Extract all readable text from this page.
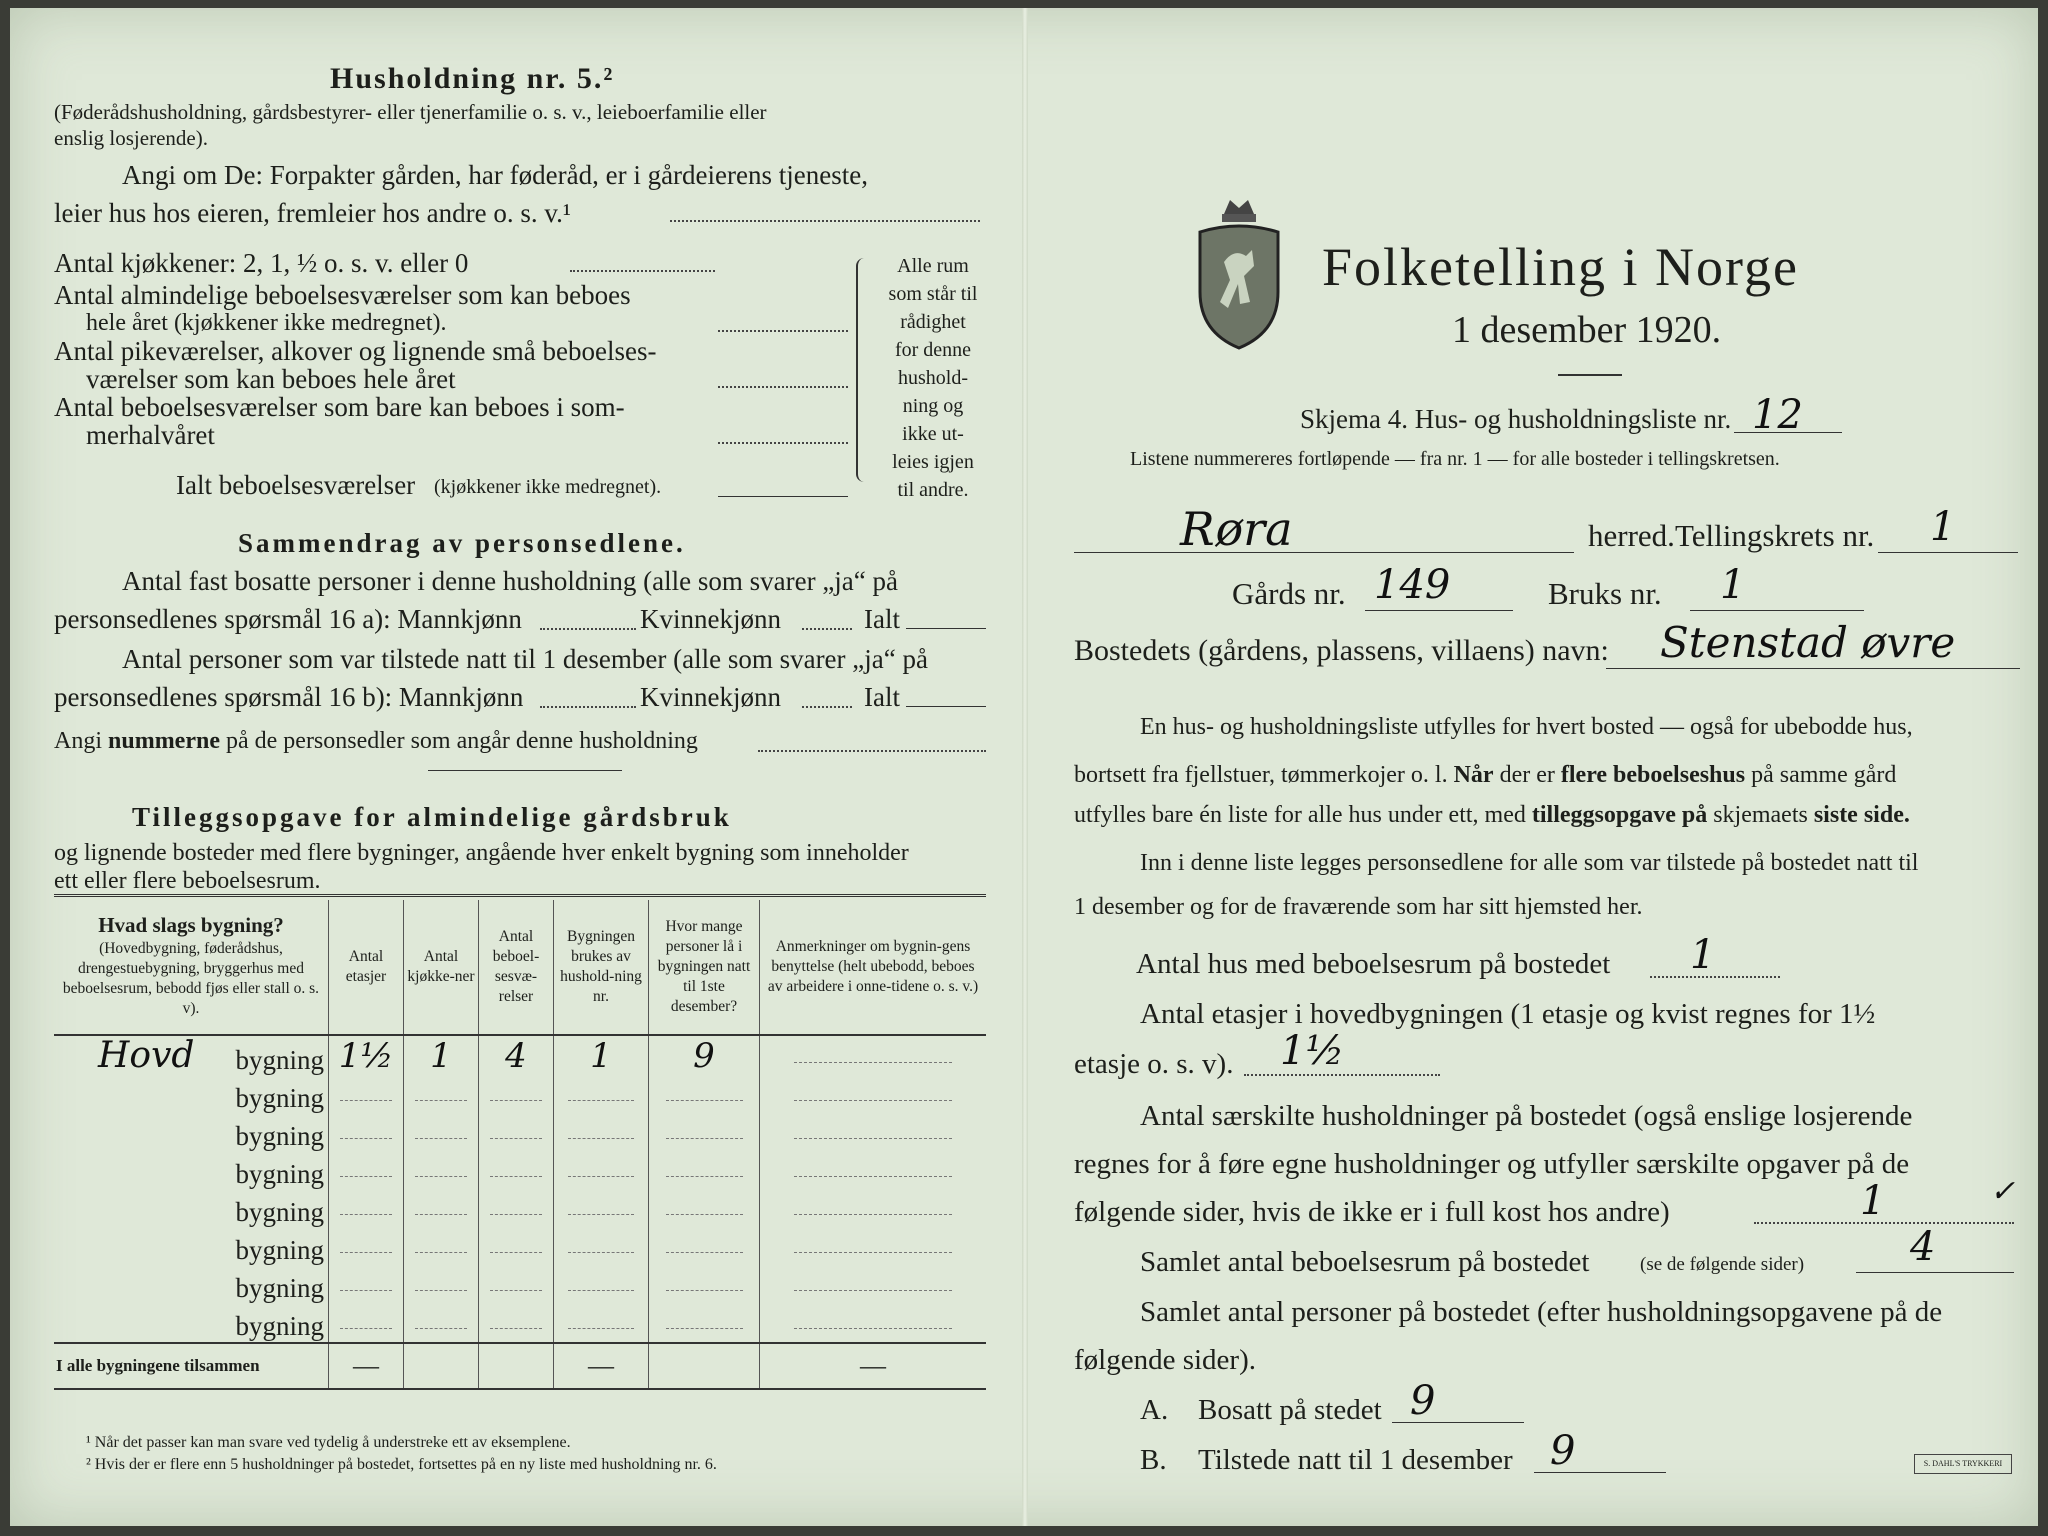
Husholdning nr. 5.²
(Føderådshusholdning, gårdsbestyrer- eller tjenerfamilie o. s. v., leieboerfamilie eller
enslig losjerende).
Angi om De: Forpakter gården, har føderåd, er i gårdeierens tjeneste,
leier hus hos eieren, fremleier hos andre o. s. v.¹
Antal kjøkkener: 2, 1, ½ o. s. v. eller 0
Antal almindelige beboelsesværelser som kan beboes
hele året (kjøkkener ikke medregnet).
Antal pikeværelser, alkover og lignende små beboelses-
værelser som kan beboes hele året
Antal beboelsesværelser som bare kan beboes i som-
merhalvåret
Ialt beboelsesværelser (kjøkkener ikke medregnet).
Alle rum
som står til
rådighet
for denne
hushold-
ning og
ikke ut-
leies igjen
til andre.
Sammendrag av personsedlene.
Antal fast bosatte personer i denne husholdning (alle som svarer „ja“ på
personsedlenes spørsmål 16 a): Mannkjønn	Kvinnekjønn	Ialt
Antal personer som var tilstede natt til 1 desember (alle som svarer „ja“ på
personsedlenes spørsmål 16 b): Mannkjønn	Kvinnekjønn	Ialt
Angi nummerne på de personsedler som angår denne husholdning
Tilleggsopgave for almindelige gårdsbruk
og lignende bosteder med flere bygninger, angående hver enkelt bygning som inneholder
ett eller flere beboelsesrum.
Hvad slags bygning?
(Hovedbygning, føderådshus, drengestuebygning, bryggerhus med beboelsesrum, bebodd fjøs eller stall o. s. v).	Antal etasjer	Antal kjøkke-ner	Antal beboel-sesvæ-relser	Bygningen brukes av hushold-ning nr.	Hvor mange personer lå i bygningen natt til 1ste desember?	Anmerkninger om bygnin-gens benyttelse (helt ubebodd, beboes av arbeidere i onne-tidene o. s. v.)

Hovd bygning	1½	1	4	1	9	
bygning						
bygning						
bygning						
bygning						
bygning						
bygning						
bygning						
I alle bygningene tilsammen	—			—		—
¹ Når det passer kan man svare ved tydelig å understreke ett av eksemplene.
² Hvis der er flere enn 5 husholdninger på bostedet, fortsettes på en ny liste med husholdning nr. 6.
Folketelling i Norge
1 desember 1920.
Skjema 4. Hus- og husholdningsliste nr. 12
Listene nummereres fortløpende — fra nr. 1 — for alle bosteder i tellingskretsen.
Røra	herred. Tellingskrets nr. 1
Gårds nr. 149	Bruks nr. 1
Bostedets (gårdens, plassens, villaens) navn: Stenstad øvre
En hus- og husholdningsliste utfylles for hvert bosted — også for ubebodde hus,
bortsett fra fjellstuer, tømmerkojer o. l. Når der er flere beboelseshus på samme gård
utfylles bare én liste for alle hus under ett, med tilleggsopgave på skjemaets siste side.
Inn i denne liste legges personsedlene for alle som var tilstede på bostedet natt til
1 desember og for de fraværende som har sitt hjemsted her.
Antal hus med beboelsesrum på bostedet 1
Antal etasjer i hovedbygningen (1 etasje og kvist regnes for 1½
etasje o. s. v). 1½
Antal særskilte husholdninger på bostedet (også enslige losjerende
regnes for å føre egne husholdninger og utfyller særskilte opgaver på de
følgende sider, hvis de ikke er i full kost hos andre)	1	✓
Samlet antal beboelsesrum på bostedet	(se de følgende sider)	4
Samlet antal personer på bostedet (efter husholdningsopgavene på de
følgende sider).
A. Bosatt på stedet 9
B. Tilstede natt til 1 desember 9	S. DAHL'S TRYKKERI
